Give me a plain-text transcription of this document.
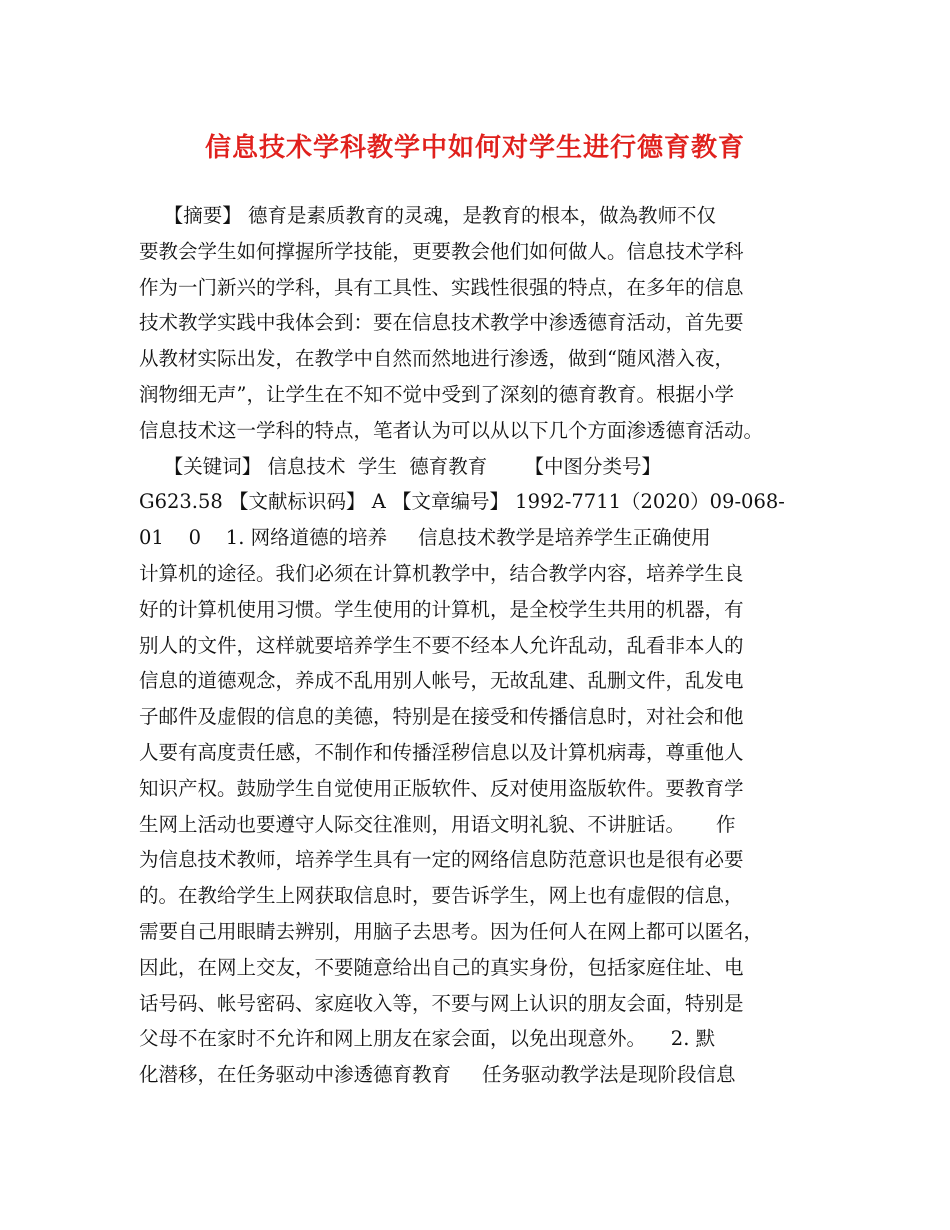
信息技术学科教学中如何对学生进行德育教育
【摘要】 德育是素质教育的灵魂，是教育的根本，做為教师不仅
要教会学生如何撑握所学技能，更要教会他们如何做人。信息技术学科
作为一门新兴的学科，具有工具性、实践性很强的特点，在多年的信息
技术教学实践中我体会到：要在信息技术教学中渗透德育活动，首先要
从教材实际出发，在教学中自然而然地进行渗透，做到“随风潜入夜，
润物细无声”，让学生在不知不觉中受到了深刻的德育教育。根据小学
信息技术这一学科的特点，笔者认为可以从以下几个方面渗透德育活动。
【关键词】 信息技术  学生  德育教育      【中图分类号】
G623.58 【文献标识码】 A 【文章编号】 1992-7711（2020）09-068-
01    0    1. 网络道德的培养     信息技术教学是培养学生正确使用
计算机的途径。我们必须在计算机教学中，结合教学内容，培养学生良
好的计算机使用习惯。学生使用的计算机，是全校学生共用的机器，有
别人的文件，这样就要培养学生不要不经本人允许乱动，乱看非本人的
信息的道德观念，养成不乱用别人帐号，无故乱建、乱删文件，乱发电
子邮件及虚假的信息的美德，特别是在接受和传播信息时，对社会和他
人要有高度责任感，不制作和传播淫秽信息以及计算机病毒，尊重他人
知识产权。鼓励学生自觉使用正版软件、反对使用盗版软件。要教育学
生网上活动也要遵守人际交往准则，用语文明礼貌、不讲脏话。     作
为信息技术教师，培养学生具有一定的网络信息防范意识也是很有必要
的。在教给学生上网获取信息时，要告诉学生，网上也有虚假的信息，
需要自己用眼睛去辨别，用脑子去思考。因为任何人在网上都可以匿名，
因此，在网上交友，不要随意给出自己的真实身份，包括家庭住址、电
话号码、帐号密码、家庭收入等，不要与网上认识的朋友会面，特别是
父母不在家时不允许和网上朋友在家会面，以免出现意外。    2. 默
化潜移，在任务驱动中渗透德育教育     任务驱动教学法是现阶段信息
